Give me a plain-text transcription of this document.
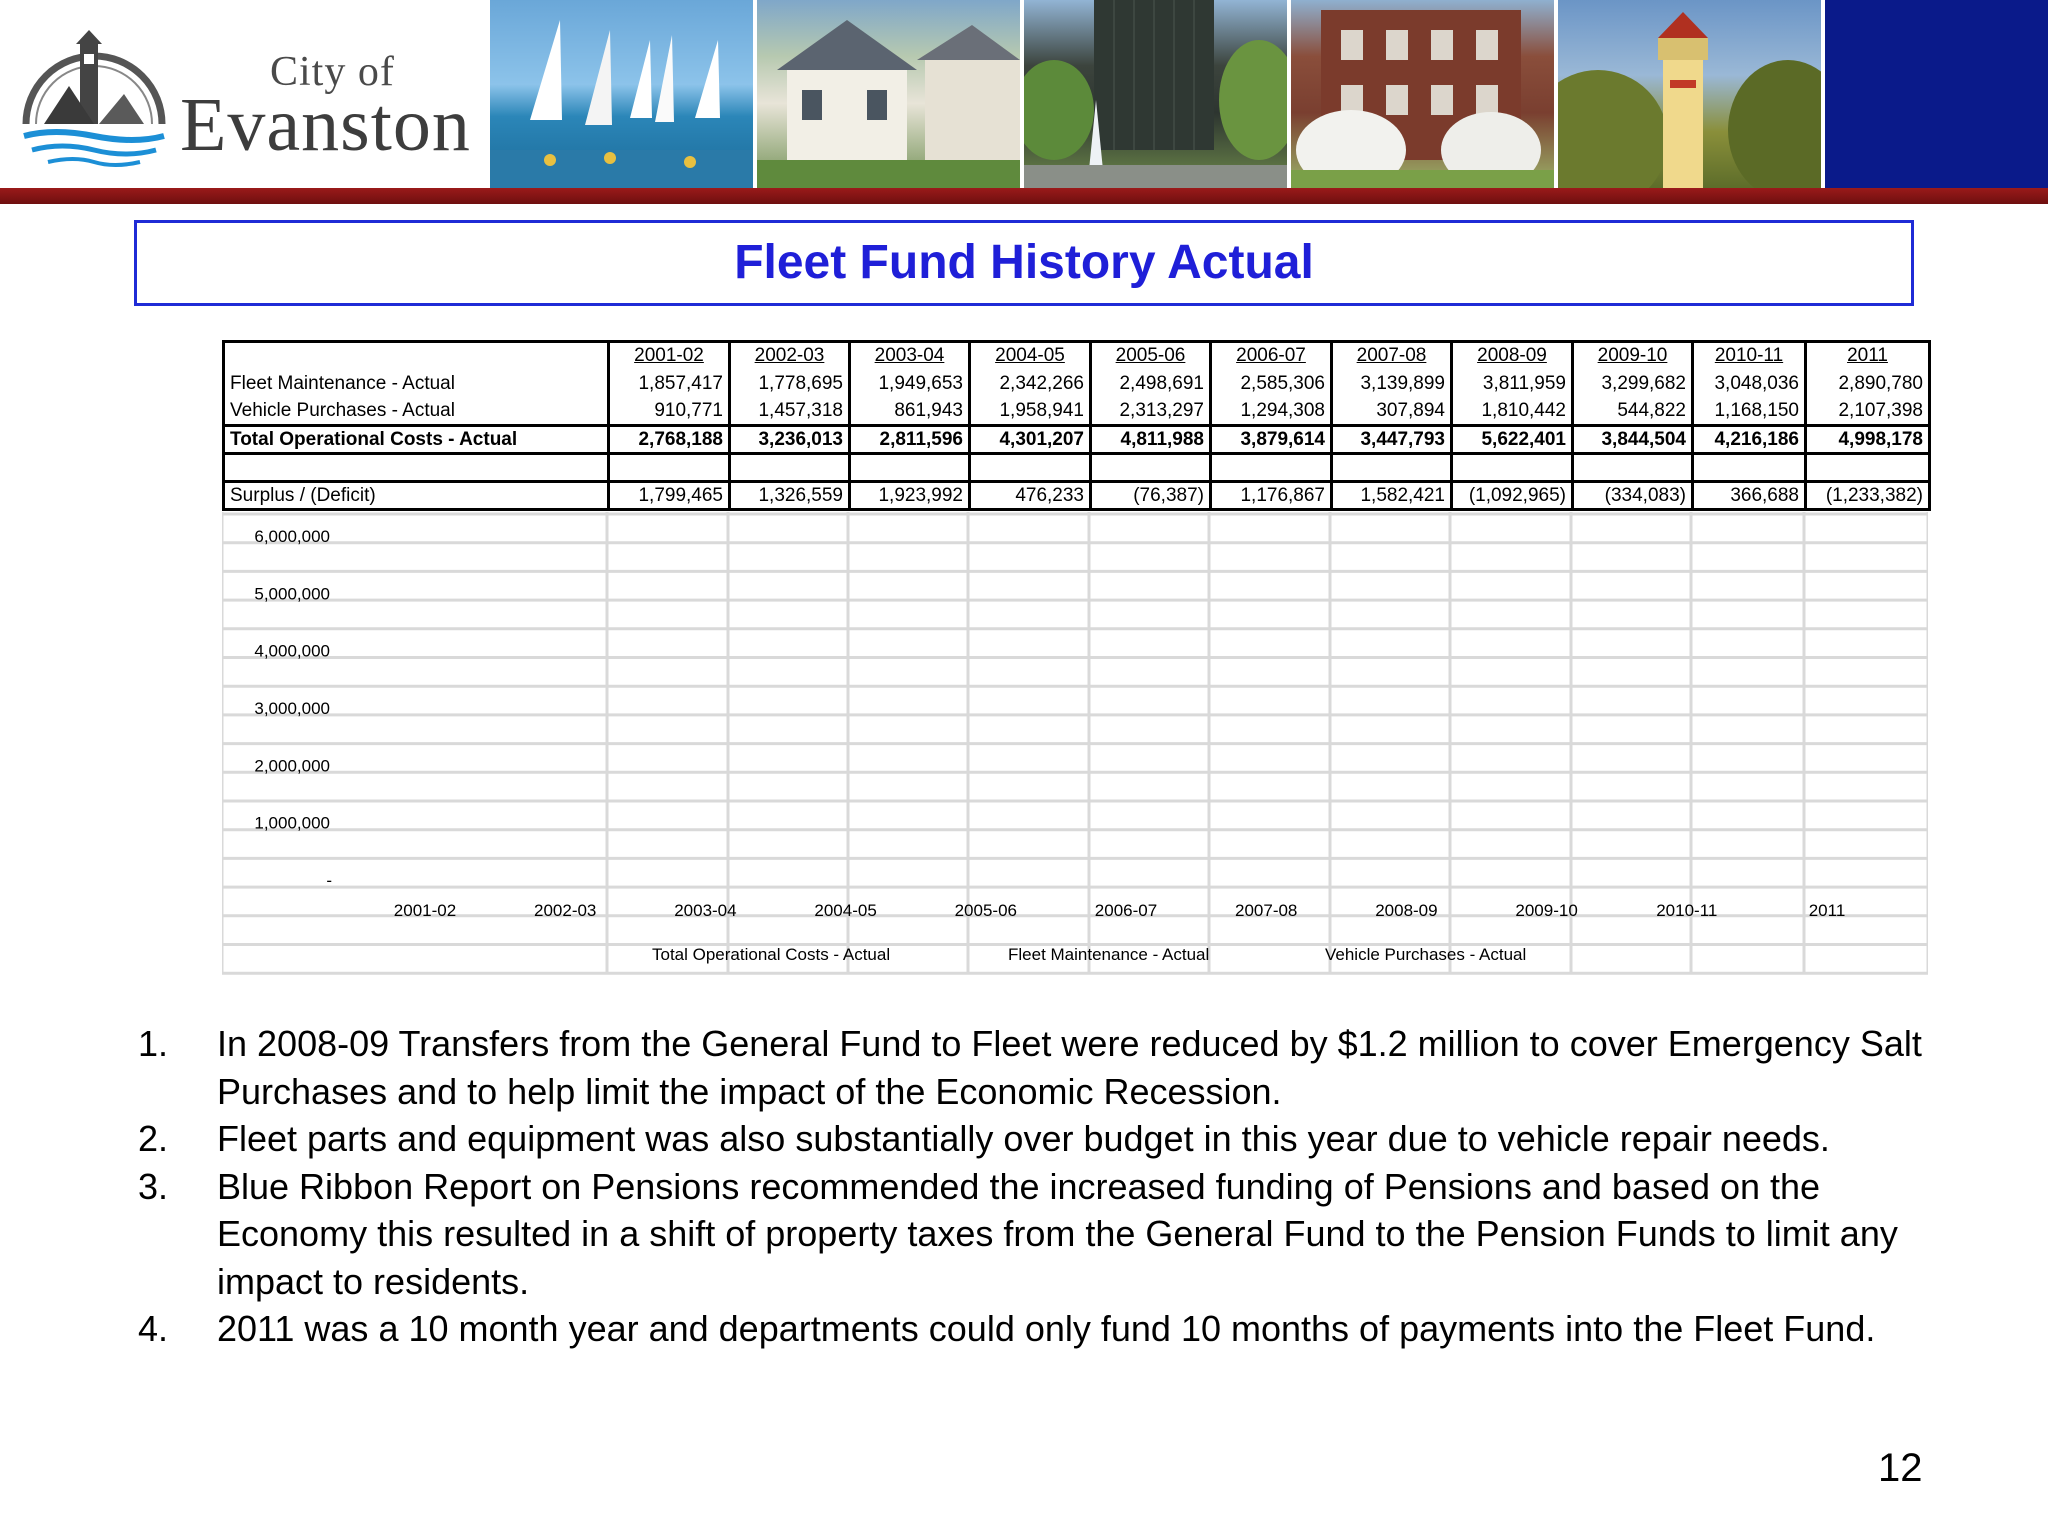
City of
Evanston
Fleet Fund History Actual
	2001-02	2002-03	2003-04	2004-05	2005-06	2006-07	2007-08	2008-09	2009-10	2010-11	2011
Fleet Maintenance - Actual	1,857,417	1,778,695	1,949,653	2,342,266	2,498,691	2,585,306	3,139,899	3,811,959	3,299,682	3,048,036	2,890,780
Vehicle Purchases - Actual	910,771	1,457,318	861,943	1,958,941	2,313,297	1,294,308	307,894	1,810,442	544,822	1,168,150	2,107,398
Total Operational Costs - Actual	2,768,188	3,236,013	2,811,596	4,301,207	4,811,988	3,879,614	3,447,793	5,622,401	3,844,504	4,216,186	4,998,178

Surplus / (Deficit)	1,799,465	1,326,559	1,923,992	476,233	(76,387)	1,176,867	1,582,421	(1,092,965)	(334,083)	366,688	(1,233,382)
6,000,000
5,000,000
4,000,000
3,000,000
2,000,000
1,000,000
-
2001-02	2002-03	2003-04	2004-05	2005-06	2006-07	2007-08	2008-09	2009-10	2010-11	2011
Total Operational Costs - Actual	Fleet Maintenance - Actual	Vehicle Purchases - Actual
1. In 2008-09 Transfers from the General Fund to Fleet were reduced by $1.2 million to cover Emergency Salt Purchases and to help limit the impact of the Economic Recession.
2. Fleet parts and equipment was also substantially over budget in this year due to vehicle repair needs.
3. Blue Ribbon Report on Pensions recommended the increased funding of Pensions and based on the Economy this resulted in a shift of property taxes from the General Fund to the Pension Funds to limit any impact to residents.
4. 2011 was a 10 month year and departments could only fund 10 months of payments into the Fleet Fund.
12
